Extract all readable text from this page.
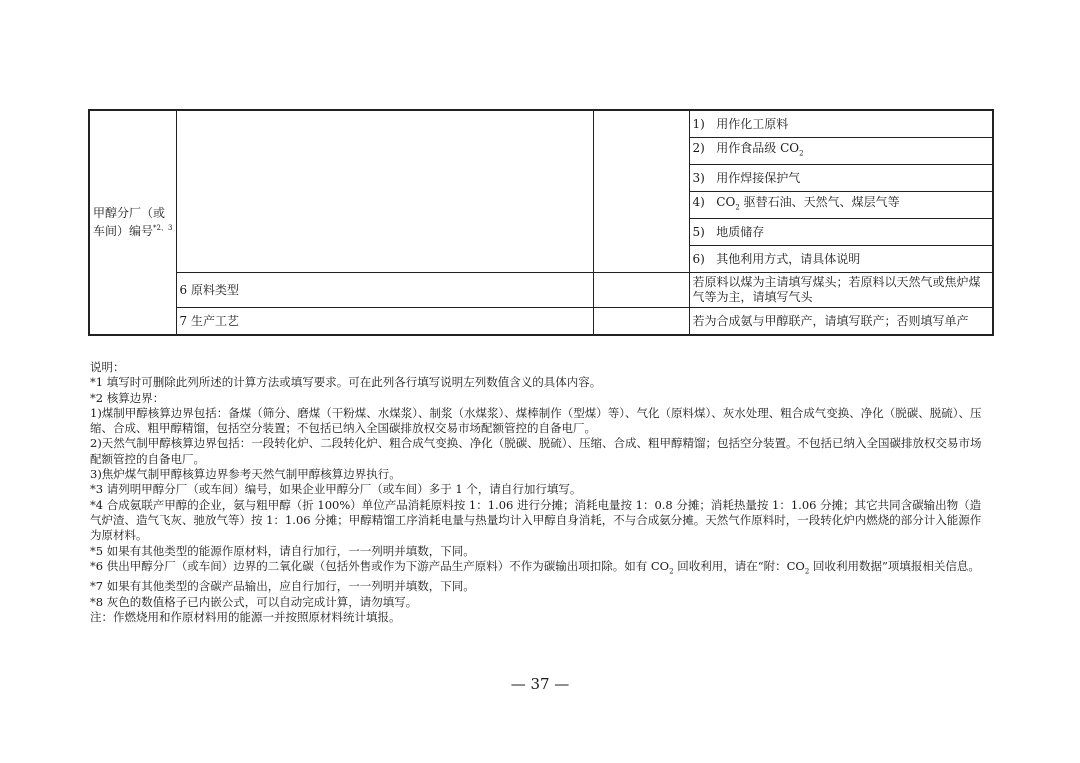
甲醇分厂（或
车间）编号$^{*2、3}$			1) 用作化工原料
			2) 用作食品级 $CO_2$
			3) 用作焊接保护气
			4) $CO_2$ 驱替石油、天然气、煤层气等
			5) 地质储存
			6) 其他利用方式，请具体说明
	6 原料类型		若原料以煤为主请填写煤头；若原料以天然气或焦炉煤气等为主，请填写气头
	7 生产工艺		若为合成氨与甲醇联产，请填写联产；否则填写单产

说明：

*1 填写时可删除此列所述的计算方法或填写要求。可在此列各行填写说明左列数值含义的具体内容。

*2 核算边界：

1)煤制甲醇核算边界包括：备煤（筛分、磨煤（干粉煤、水煤浆）、制浆（水煤浆）、煤棒制作（型煤）等）、气化（原料煤）、灰水处理、粗合成气变换、净化（脱碳、脱硫）、压缩、合成、粗甲醇精馏，包括空分装置；不包括已纳入全国碳排放权交易市场配额管控的自备电厂。

2)天然气制甲醇核算边界包括：一段转化炉、二段转化炉、粗合成气变换、净化（脱碳、脱硫）、压缩、合成、粗甲醇精馏；包括空分装置。不包括已纳入全国碳排放权交易市场配额管控的自备电厂。

3)焦炉煤气制甲醇核算边界参考天然气制甲醇核算边界执行。

*3 请列明甲醇分厂（或车间）编号，如果企业甲醇分厂（或车间）多于 1 个，请自行加行填写。

*4 合成氨联产甲醇的企业，氨与粗甲醇（折 100%）单位产品消耗原料按 1：1.06 进行分摊；消耗电量按 1：0.8 分摊；消耗热量按 1：1.06 分摊；其它共同含碳输出物（造气炉渣、造气飞灰、驰放气等）按 1：1.06 分摊；甲醇精馏工序消耗电量与热量均计入甲醇自身消耗，不与合成氨分摊。天然气作原料时，一段转化炉内燃烧的部分计入能源作为原材料。

*5 如果有其他类型的能源作原材料，请自行加行，一一列明并填数，下同。

*6 供出甲醇分厂（或车间）边界的二氧化碳（包括外售或作为下游产品生产原料）不作为碳输出项扣除。如有 $CO_2$ 回收利用，请在“附：$CO_2$ 回收利用数据”项填报相关信息。

*7 如果有其他类型的含碳产品输出，应自行加行，一一列明并填数，下同。

*8 灰色的数值格子已内嵌公式，可以自动完成计算，请勿填写。

注：作燃烧用和作原材料用的能源一并按照原材料统计填报。

— 37 —
